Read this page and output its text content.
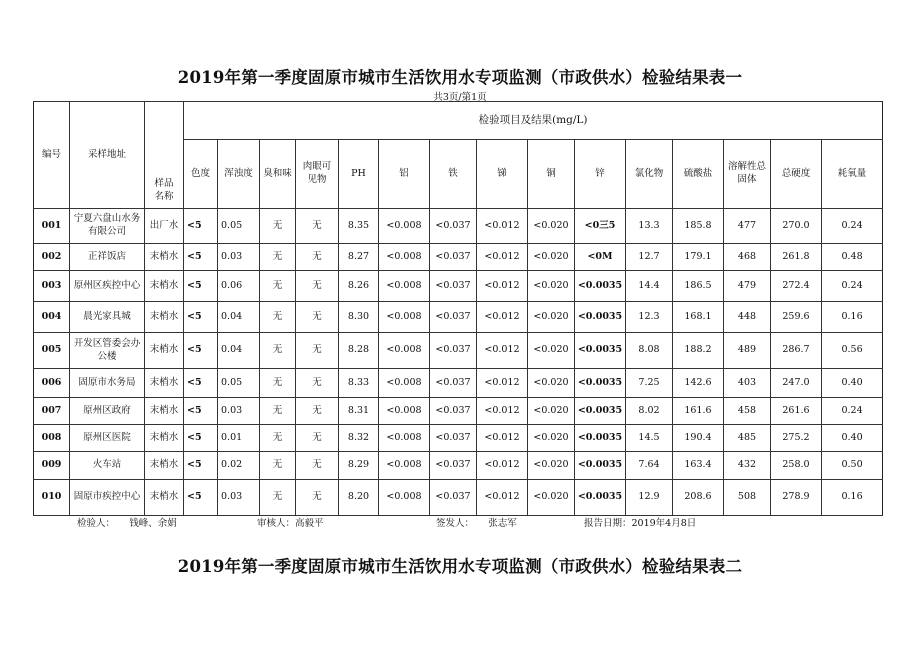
2019年第一季度固原市城市生活饮用水专项监测（市政供水）检验结果表一
共3页/第1页
编号	采样地址	样品
名称	检验项目及结果(mg/L)														
			色度	浑浊度	臭和味	肉眼可见物	PH	铝	铁	锑	铜	锌	氯化物	硫酸盐	溶解性总固体	总硬度	耗氧量
001	宁夏六盘山水务有限公司	出厂水	<5	0.05	无	无	8.35	<0.008	<0.037	<0.012	<0.020	<0三5	13.3	185.8	477	270.0	0.24
002	正祥饭店	末梢水	<5	0.03	无	无	8.27	<0.008	<0.037	<0.012	<0.020	<0M	12.7	179.1	468	261.8	0.48
003	原州区疾控中心	末梢水	<5	0.06	无	无	8.26	<0.008	<0.037	<0.012	<0.020	<0.0035	14.4	186.5	479	272.4	0.24
004	晨光家具城	末梢水	<5	0.04	无	无	8.30	<0.008	<0.037	<0.012	<0.020	<0.0035	12.3	168.1	448	259.6	0.16
005	开发区管委会办公楼	末梢水	<5	0.04	无	无	8.28	<0.008	<0.037	<0.012	<0.020	<0.0035	8.08	188.2	489	286.7	0.56
006	固原市水务局	末梢水	<5	0.05	无	无	8.33	<0.008	<0.037	<0.012	<0.020	<0.0035	7.25	142.6	403	247.0	0.40
007	原州区政府	末梢水	<5	0.03	无	无	8.31	<0.008	<0.037	<0.012	<0.020	<0.0035	8.02	161.6	458	261.6	0.24
008	原州区医院	末梢水	<5	0.01	无	无	8.32	<0.008	<0.037	<0.012	<0.020	<0.0035	14.5	190.4	485	275.2	0.40
009	火车站	末梢水	<5	0.02	无	无	8.29	<0.008	<0.037	<0.012	<0.020	<0.0035	7.64	163.4	432	258.0	0.50
010	固原市疾控中心	末梢水	<5	0.03	无	无	8.20	<0.008	<0.037	<0.012	<0.020	<0.0035	12.9	208.6	508	278.9	0.16
检验人：　　钱峰、余娟	审核人：高毅平	签发人：　　张志军	报告日期：2019年4月8日
2019年第一季度固原市城市生活饮用水专项监测（市政供水）检验结果表二
